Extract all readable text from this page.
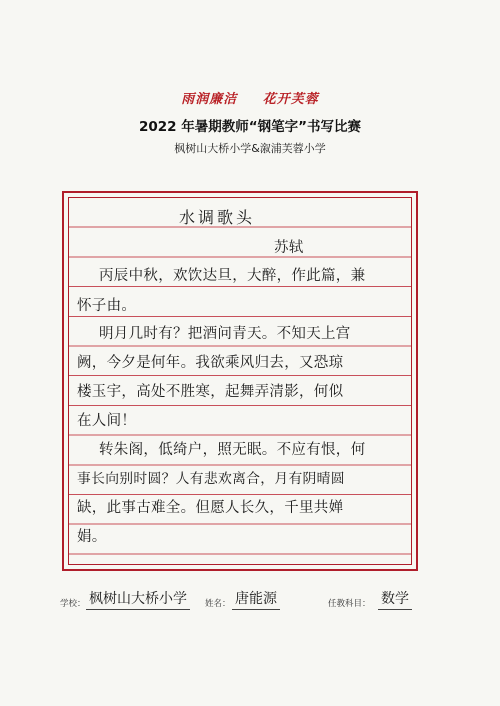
雨润廉洁 花开芙蓉
2022 年暑期教师“钢笔字”书写比赛
枫树山大桥小学&溆浦芙蓉小学
水调歌头
苏轼
丙辰中秋，欢饮达旦，大醉，作此篇，兼
怀子由。
明月几时有？把酒问青天。不知天上宫
阙，今夕是何年。我欲乘风归去，又恐琼
楼玉宇，高处不胜寒，起舞弄清影，何似
在人间！
转朱阁，低绮户，照无眠。不应有恨，何
事长向别时圆？人有悲欢离合，月有阴晴圆
缺，此事古难全。但愿人长久，千里共婵
娟。
学校： 枫树山大桥小学	姓名： 唐能源	任教科目： 数学
